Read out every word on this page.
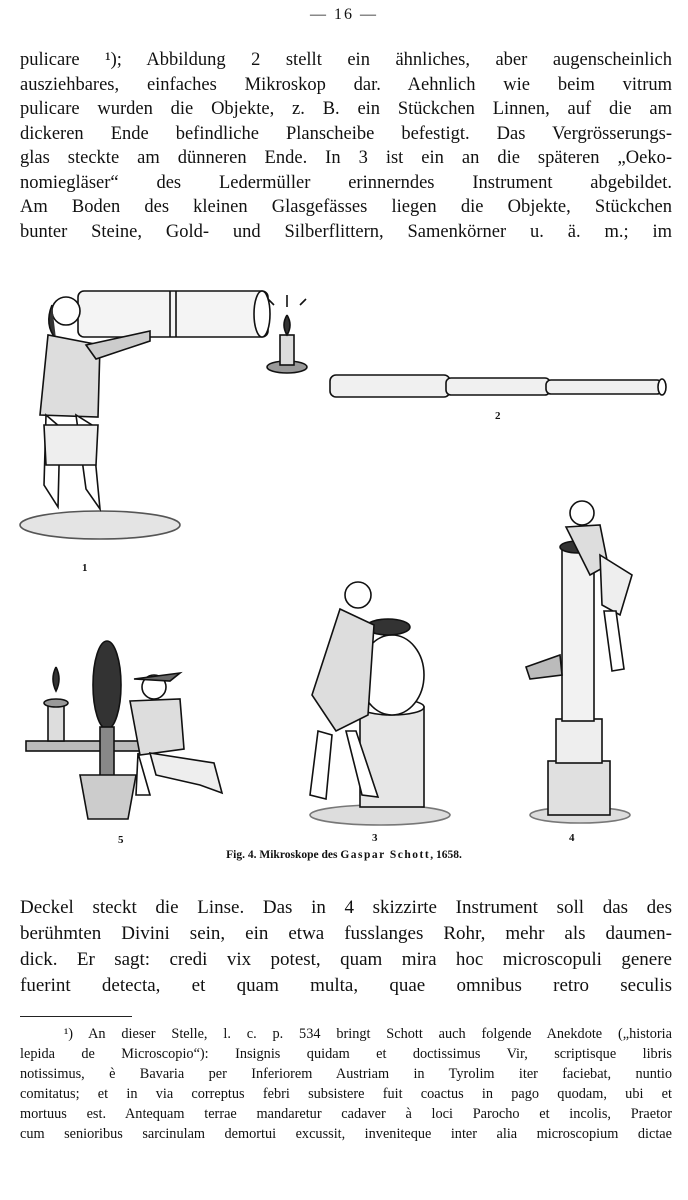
— 16 —
pulicare ¹); Abbildung 2 stellt ein ähnliches, aber augenscheinlich
ausziehbares, einfaches Mikroskop dar. Aehnlich wie beim vitrum
pulicare wurden die Objekte, z. B. ein Stückchen Linnen, auf die am
dickeren Ende befindliche Planscheibe befestigt. Das Vergrösserungs-
glas steckte am dünneren Ende. In 3 ist ein an die späteren „Oeko-
nomiegläser“ des Ledermüller erinnerndes Instrument abgebildet.
Am Boden des kleinen Glasgefässes liegen die Objekte, Stückchen
bunter Steine, Gold- und Silberflittern, Samenkörner u. ä. m.; im
1
2
3	4
5
Fig. 4. Mikroskope des Gaspar Schott, 1658.
Deckel steckt die Linse. Das in 4 skizzirte Instrument soll das des
berühmten Divini sein, ein etwa fusslanges Rohr, mehr als daumen-
dick. Er sagt: credi vix potest, quam mira hoc microscopuli genere
fuerint detecta, et quam multa, quae omnibus retro seculis
¹) An dieser Stelle, l. c. p. 534 bringt Schott auch folgende Anekdote („historia
lepida de Microscopio“): Insignis quidam et doctissimus Vir, scriptisque libris
notissimus, è Bavaria per Inferiorem Austriam in Tyrolim iter faciebat, nuntio
comitatus; et in via correptus febri subsistere fuit coactus in pago quodam, ubi et
mortuus est. Antequam terrae mandaretur cadaver à loci Parocho et incolis, Praetor
cum senioribus sarcinulam demortui excussit, inveniteque inter alia microscopium dictae
